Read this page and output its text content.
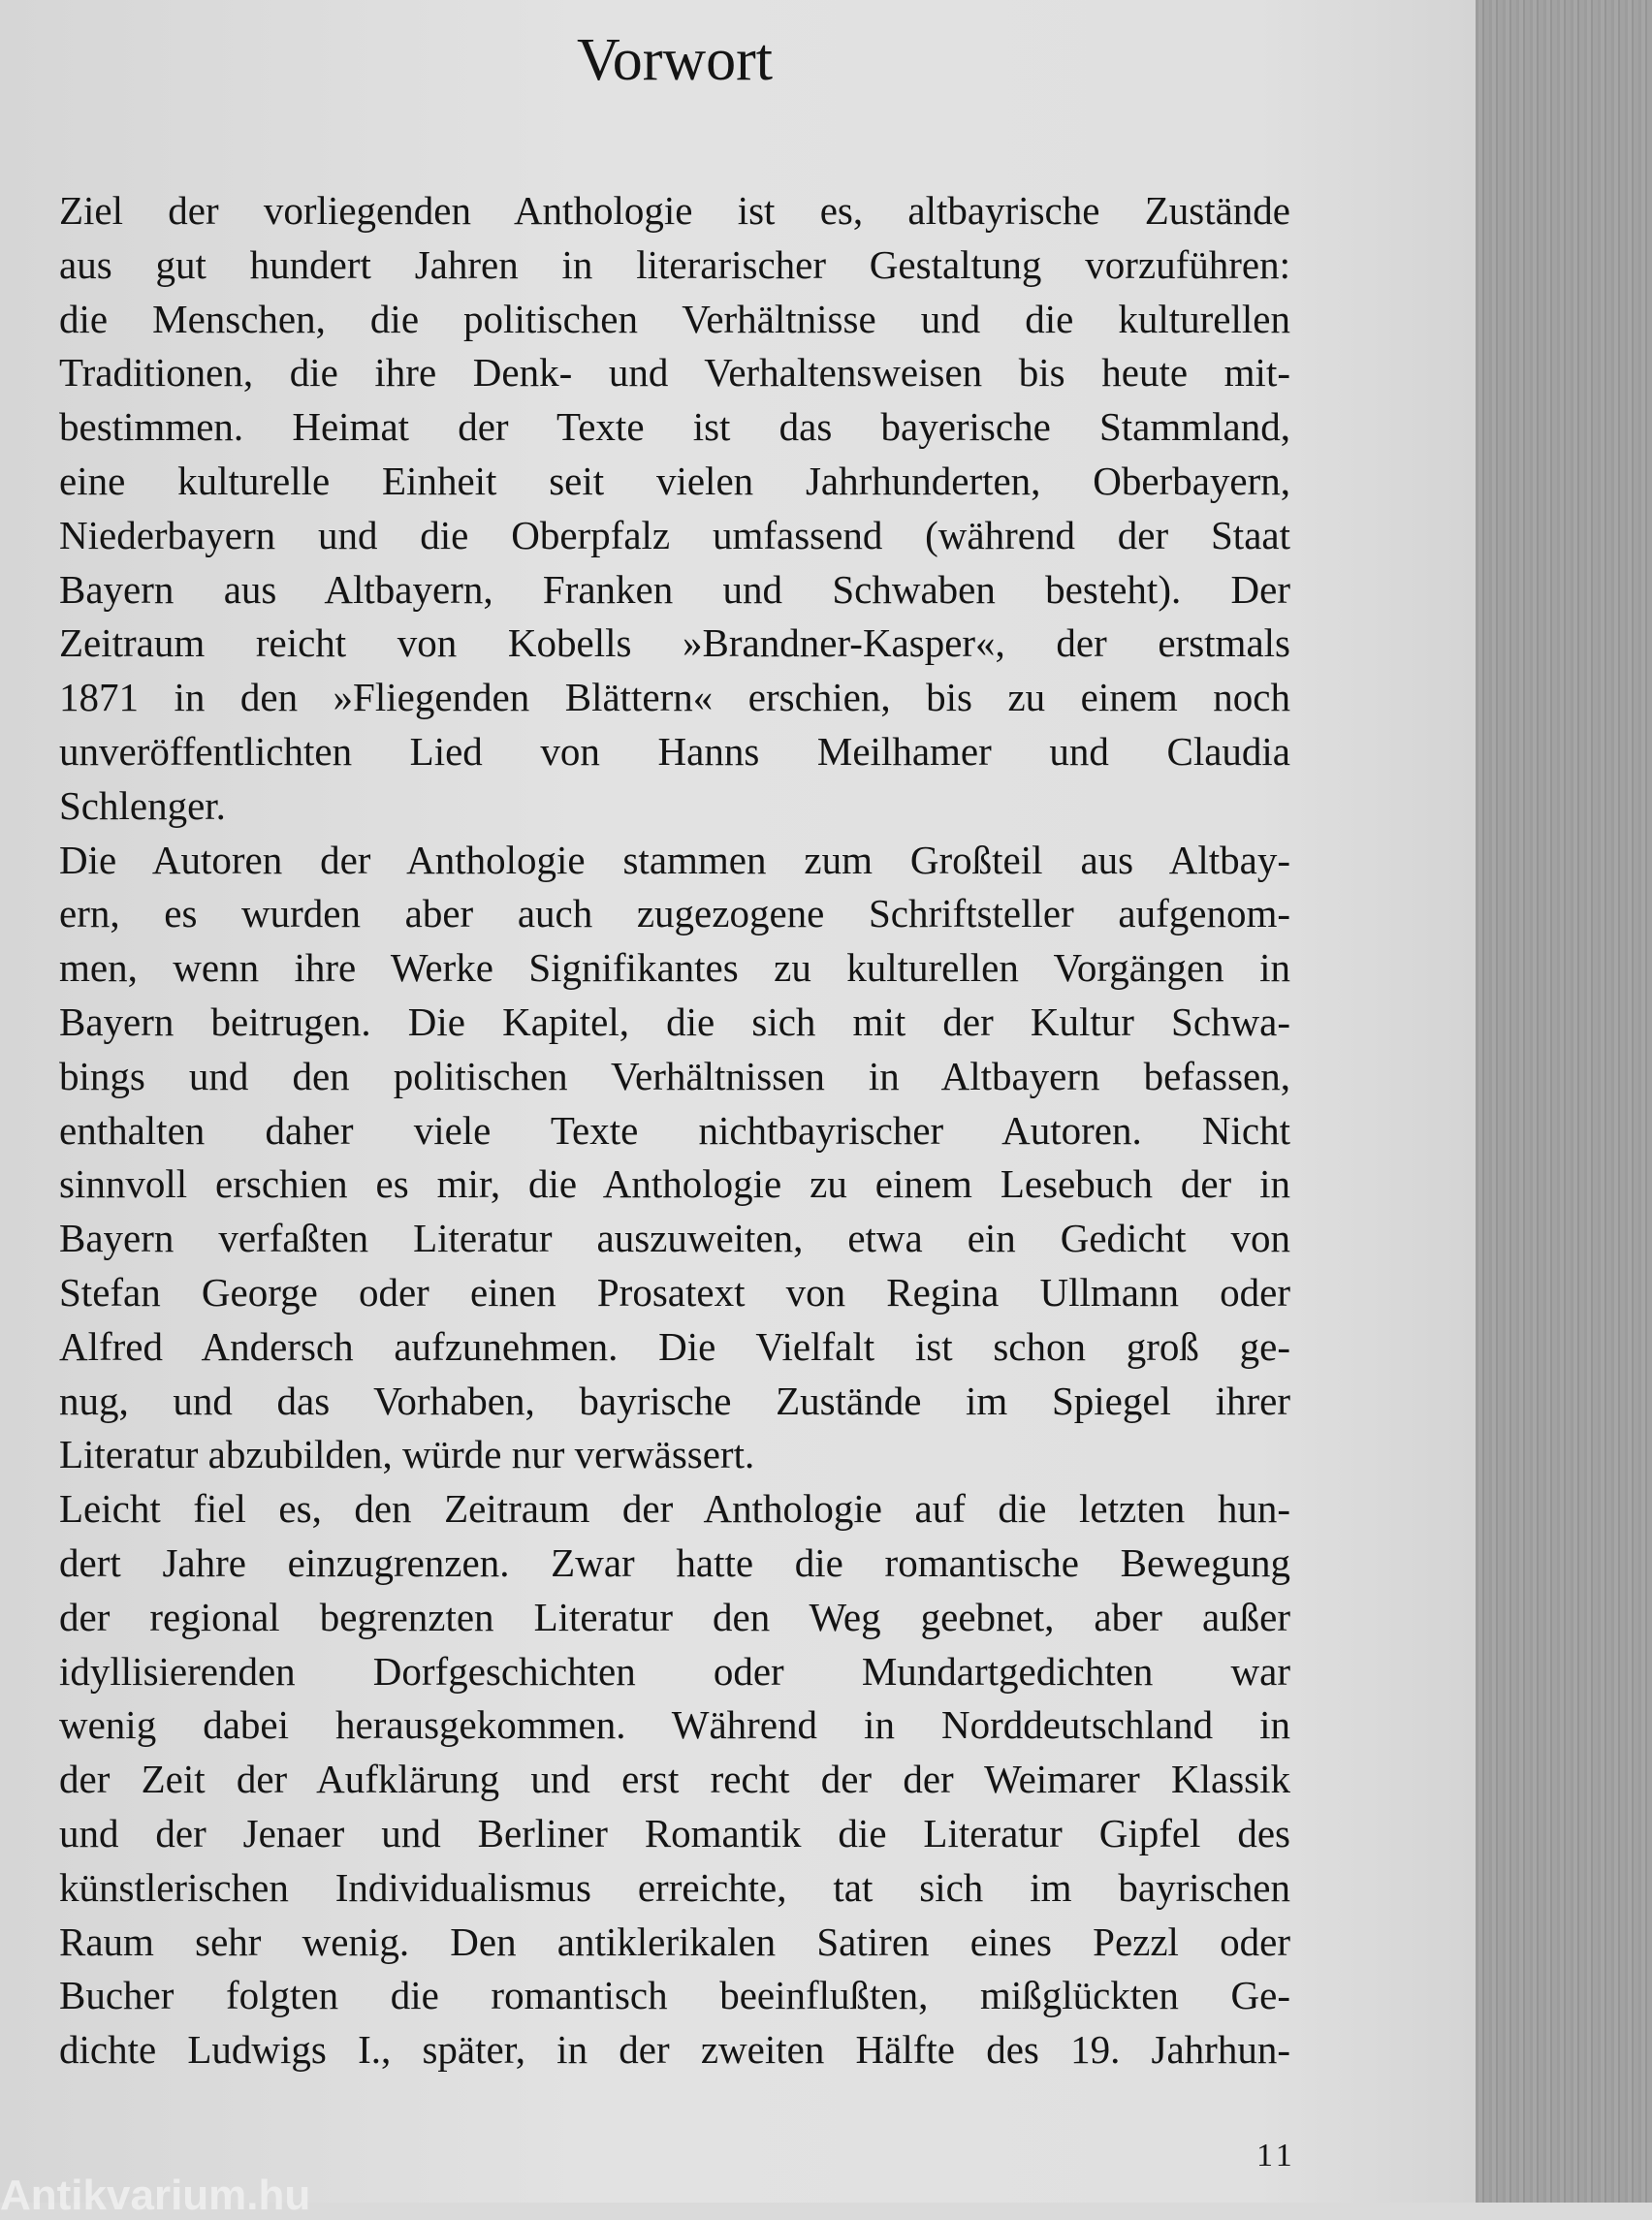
Vorwort
Ziel der vorliegenden Anthologie ist es, altbayrische Zustände
aus gut hundert Jahren in literarischer Gestaltung vorzuführen:
die Menschen, die politischen Verhältnisse und die kulturellen
Traditionen, die ihre Denk- und Verhaltensweisen bis heute mit-
bestimmen. Heimat der Texte ist das bayerische Stammland,
eine kulturelle Einheit seit vielen Jahrhunderten, Oberbayern,
Niederbayern und die Oberpfalz umfassend (während der Staat
Bayern aus Altbayern, Franken und Schwaben besteht). Der
Zeitraum reicht von Kobells »Brandner-Kasper«, der erstmals
1871 in den »Fliegenden Blättern« erschien, bis zu einem noch
unveröffentlichten Lied von Hanns Meilhamer und Claudia
Schlenger.
Die Autoren der Anthologie stammen zum Großteil aus Altbay-
ern, es wurden aber auch zugezogene Schriftsteller aufgenom-
men, wenn ihre Werke Signifikantes zu kulturellen Vorgängen in
Bayern beitrugen. Die Kapitel, die sich mit der Kultur Schwa-
bings und den politischen Verhältnissen in Altbayern befassen,
enthalten daher viele Texte nichtbayrischer Autoren. Nicht
sinnvoll erschien es mir, die Anthologie zu einem Lesebuch der in
Bayern verfaßten Literatur auszuweiten, etwa ein Gedicht von
Stefan George oder einen Prosatext von Regina Ullmann oder
Alfred Andersch aufzunehmen. Die Vielfalt ist schon groß ge-
nug, und das Vorhaben, bayrische Zustände im Spiegel ihrer
Literatur abzubilden, würde nur verwässert.
Leicht fiel es, den Zeitraum der Anthologie auf die letzten hun-
dert Jahre einzugrenzen. Zwar hatte die romantische Bewegung
der regional begrenzten Literatur den Weg geebnet, aber außer
idyllisierenden Dorfgeschichten oder Mundartgedichten war
wenig dabei herausgekommen. Während in Norddeutschland in
der Zeit der Aufklärung und erst recht der der Weimarer Klassik
und der Jenaer und Berliner Romantik die Literatur Gipfel des
künstlerischen Individualismus erreichte, tat sich im bayrischen
Raum sehr wenig. Den antiklerikalen Satiren eines Pezzl oder
Bucher folgten die romantisch beeinflußten, mißglückten Ge-
dichte Ludwigs I., später, in der zweiten Hälfte des 19. Jahrhun-
11
Antikvarium.hu
